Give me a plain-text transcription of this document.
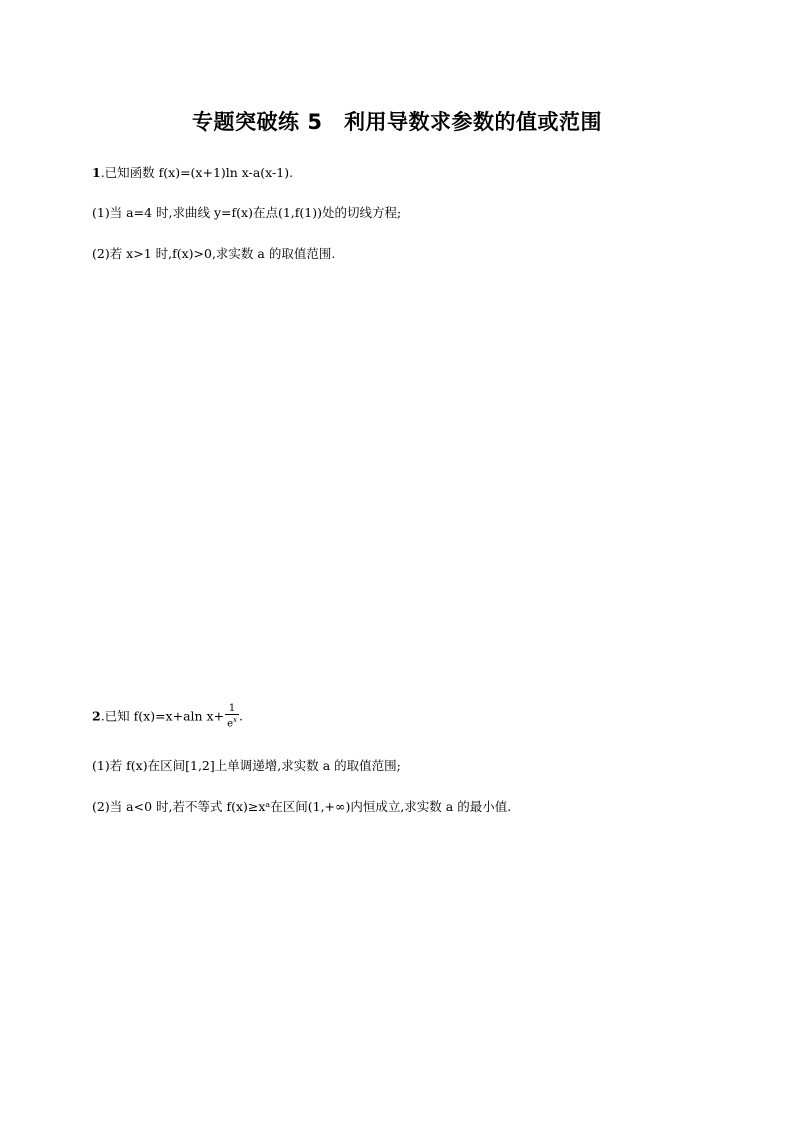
专题突破练 5　利用导数求参数的值或范围
1.已知函数 f(x)=(x+1)ln x-a(x-1).
(1)当 a=4 时,求曲线 y=f(x)在点(1,f(1))处的切线方程;
(2)若 x>1 时,f(x)>0,求实数 a 的取值范围.
2.已知 f(x)=x+aln $x+ \frac{1}{e^x}$ .
(1)若 f(x)在区间[1,2]上单调递增,求实数 a 的取值范围;
(2)当 a<0 时,若不等式 f(x)≥xᵃ在区间(1,+∞)内恒成立,求实数 a 的最小值.
